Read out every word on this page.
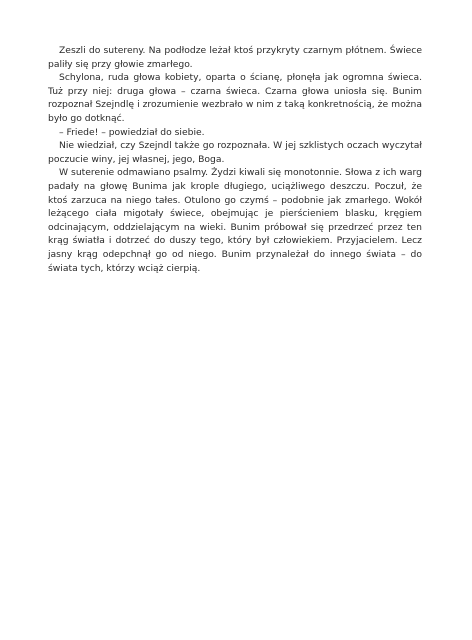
Zeszli do sutereny. Na podłodze leżał ktoś przykryty czarnym płótnem. Świece
paliły się przy głowie zmarłego.

Schylona, ruda głowa kobiety, oparta o ścianę, płonęła jak ogromna świeca.
Tuż przy niej: druga głowa – czarna świeca. Czarna głowa uniosła się. Bunim
rozpoznał Szejndlę i zrozumienie wezbrało w nim z taką konkretnością, że można
było go dotknąć.

– Friede! – powiedział do siebie.

Nie wiedział, czy Szejndl także go rozpoznała. W jej szklistych oczach wyczytał
poczucie winy, jej własnej, jego, Boga.

W suterenie odmawiano psalmy. Żydzi kiwali się monotonnie. Słowa z ich warg
padały na głowę Bunima jak krople długiego, uciążliwego deszczu. Poczuł, że
ktoś zarzuca na niego tałes. Otulono go czymś – podobnie jak zmarłego. Wokół
leżącego ciała migotały świece, obejmując je pierścieniem blasku, kręgiem
odcinającym, oddzielającym na wieki. Bunim próbował się przedrzeć przez ten
krąg światła i dotrzeć do duszy tego, który był człowiekiem. Przyjacielem. Lecz
jasny krąg odepchnął go od niego. Bunim przynależał do innego świata – do
świata tych, którzy wciąż cierpią.
